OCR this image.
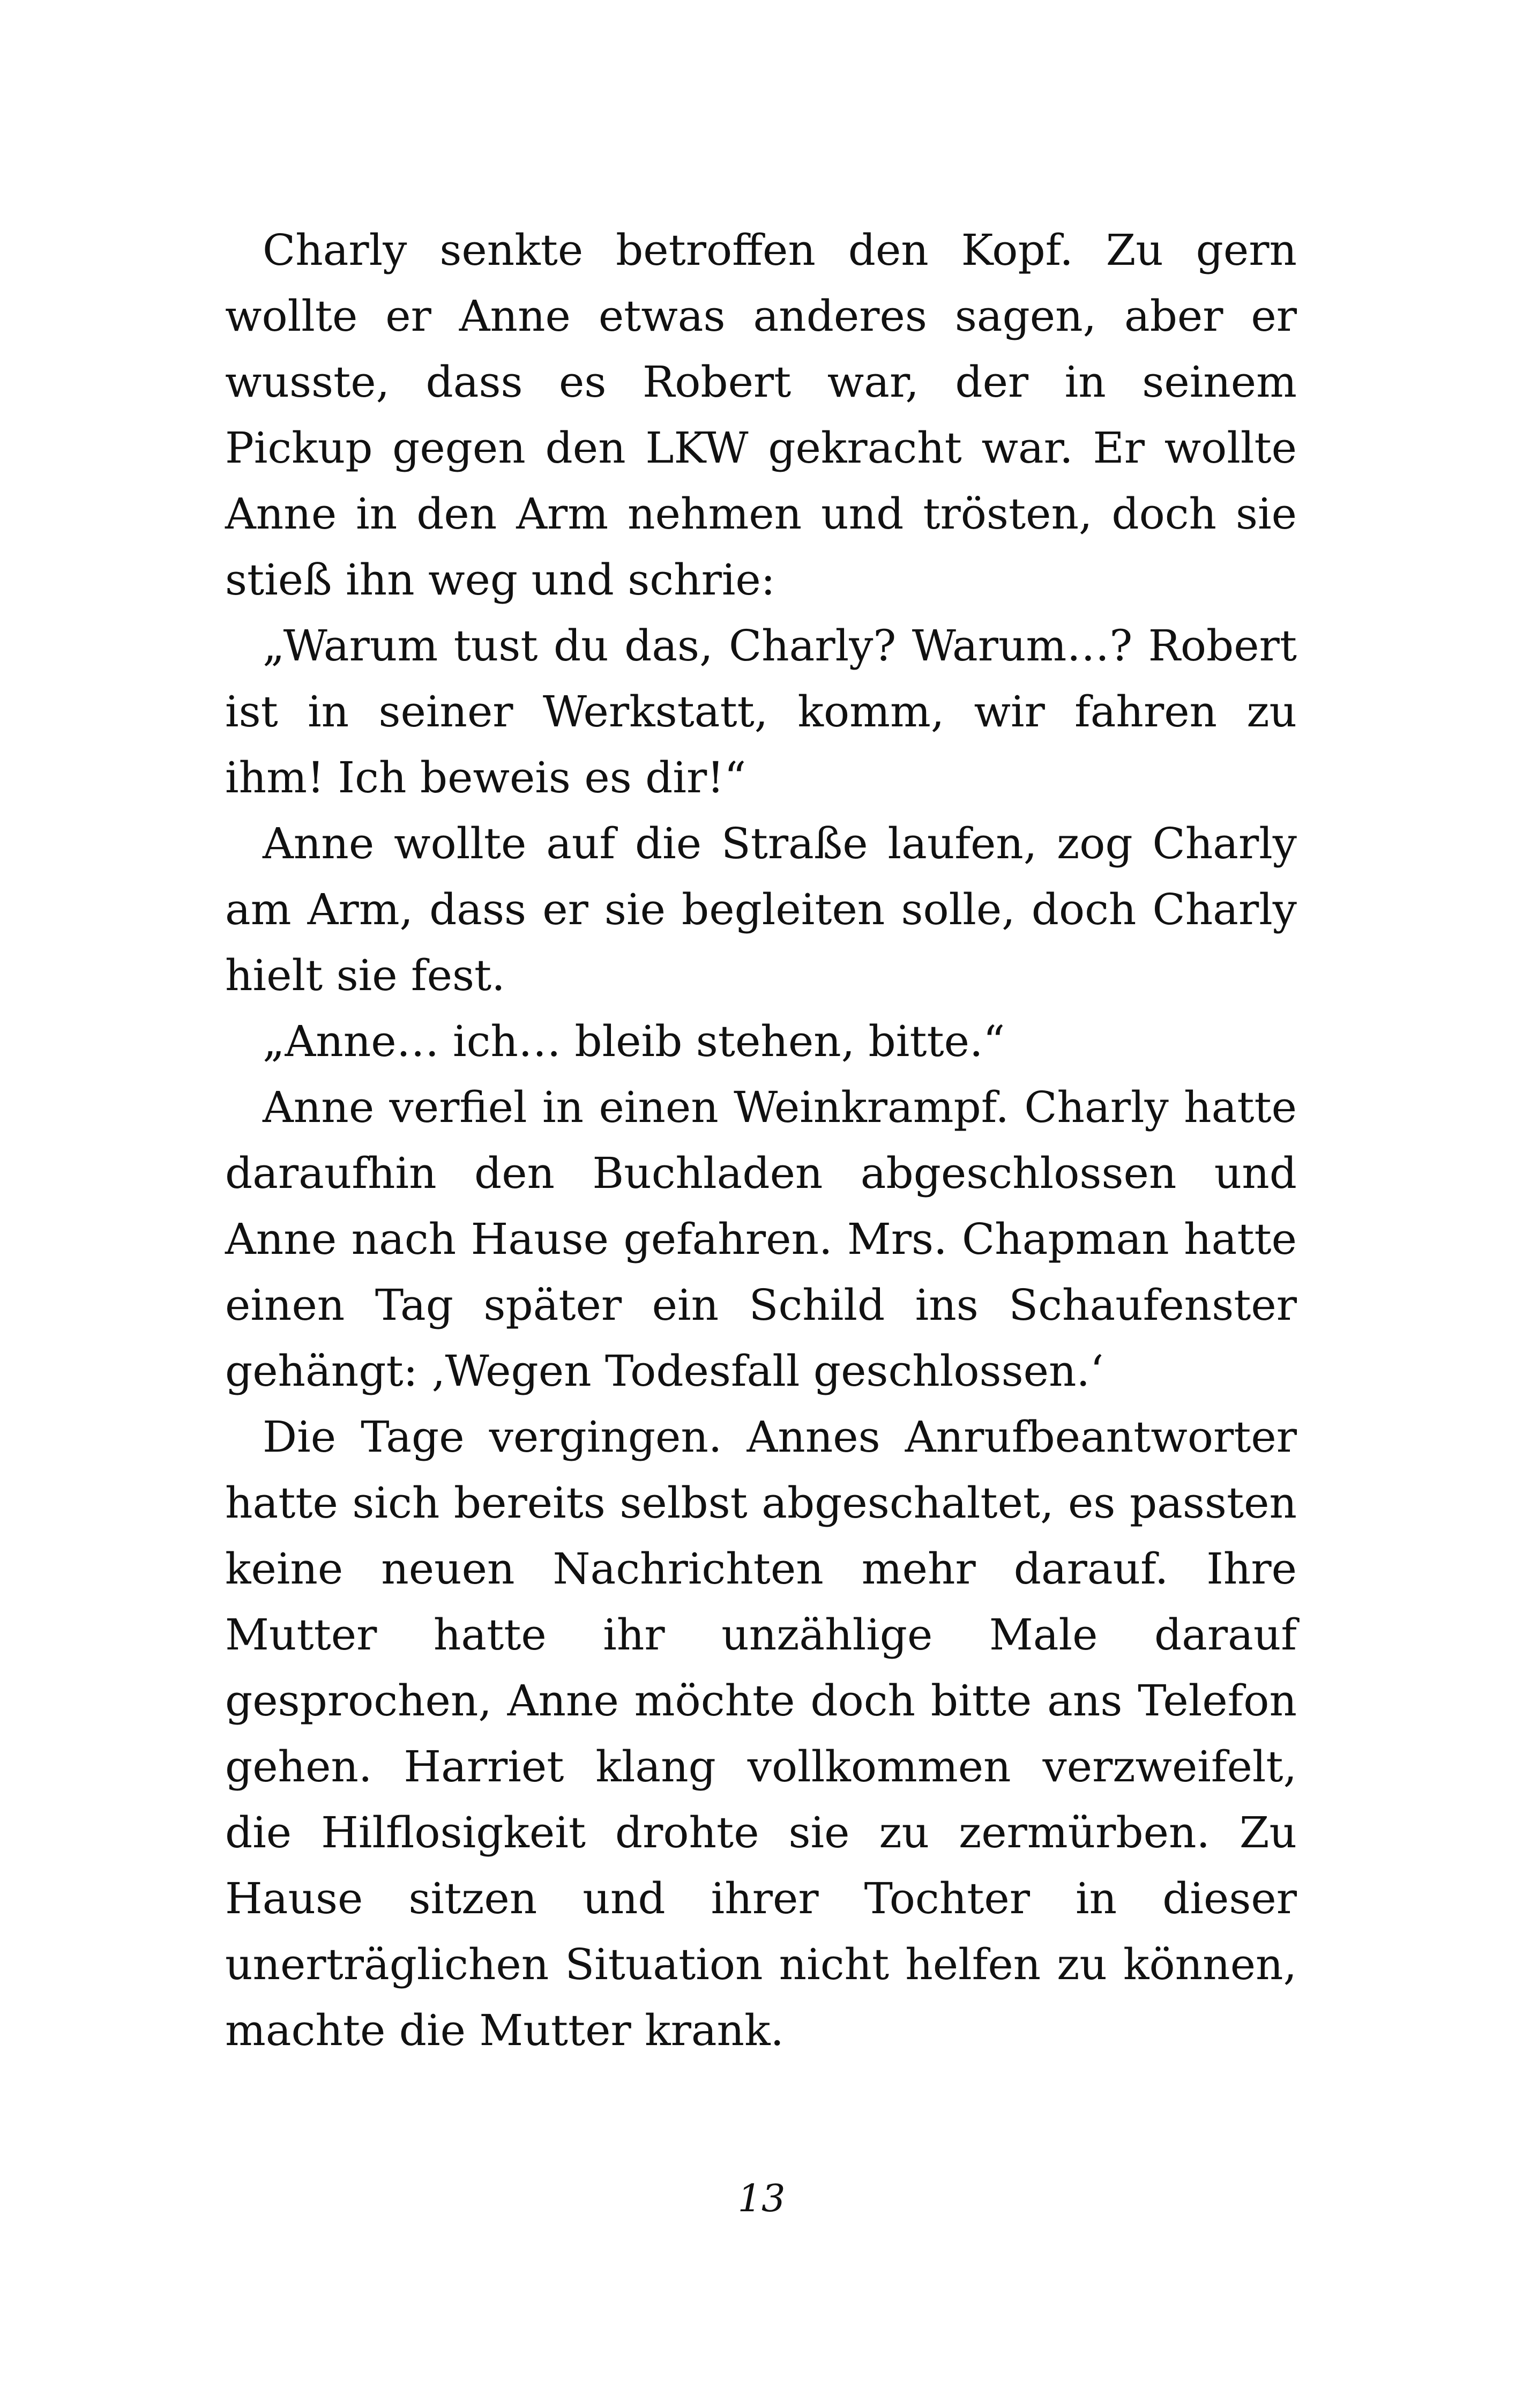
Charly senkte betroffen den Kopf. Zu gern wollte er Anne etwas anderes sagen, aber er wusste, dass es Robert war, der in seinem Pickup gegen den LKW gekracht war. Er wollte Anne in den Arm nehmen und trösten, doch sie stieß ihn weg und schrie:

„Warum tust du das, Charly? Warum…? Robert ist in seiner Werkstatt, komm, wir fahren zu ihm! Ich beweis es dir!“

Anne wollte auf die Straße laufen, zog Charly am Arm, dass er sie begleiten solle, doch Charly hielt sie fest.

„Anne… ich… bleib stehen, bitte.“

Anne verfiel in einen Weinkrampf. Charly hatte daraufhin den Buchladen abgeschlossen und Anne nach Hause gefahren. Mrs. Chapman hatte einen Tag später ein Schild ins Schaufenster gehängt: ‚Wegen Todesfall geschlossen.‘

Die Tage vergingen. Annes Anrufbeantworter hatte sich bereits selbst abgeschaltet, es passten keine neuen Nachrichten mehr darauf. Ihre Mutter hatte ihr unzählige Male darauf gesprochen, Anne möchte doch bitte ans Telefon gehen. Harriet klang vollkommen verzweifelt, die Hilflosigkeit drohte sie zu zermürben. Zu Hause sitzen und ihrer Tochter in dieser unerträglichen Situation nicht helfen zu können, machte die Mutter krank.

13
